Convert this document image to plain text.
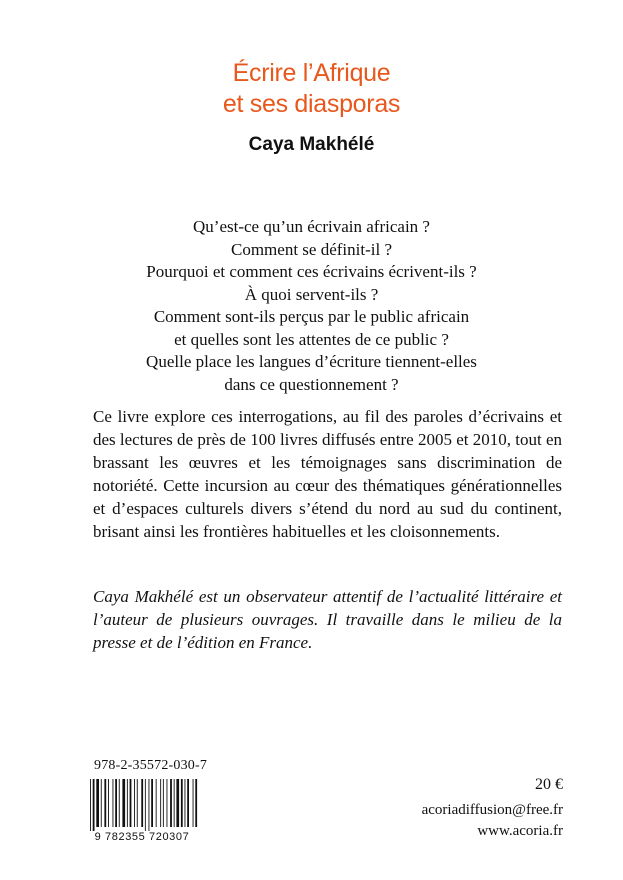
Écrire l’Afrique
et ses diasporas
Caya Makhélé
Qu’est-ce qu’un écrivain africain ?
Comment se définit-il ?
Pourquoi et comment ces écrivains écrivent-ils ?
À quoi servent-ils ?
Comment sont-ils perçus par le public africain
et quelles sont les attentes de ce public ?
Quelle place les langues d’écriture tiennent-elles
dans ce questionnement ?

Ce livre explore ces interrogations, au fil des paroles d’écrivains et des lectures de près de 100 livres diffusés entre 2005 et 2010, tout en brassant les œuvres et les témoignages sans discrimination de notoriété. Cette incursion au cœur des thématiques générationnelles et d’espaces culturels divers s’étend du nord au sud du continent, brisant ainsi les frontières habituelles et les cloisonnements.

Caya Makhélé est un observateur attentif de l’actualité littéraire et l’auteur de plusieurs ouvrages. Il travaille dans le milieu de la presse et de l’édition en France.

978-2-35572-030-7
9 782355 720307
20 €
acoriadiffusion@free.fr
www.acoria.fr
